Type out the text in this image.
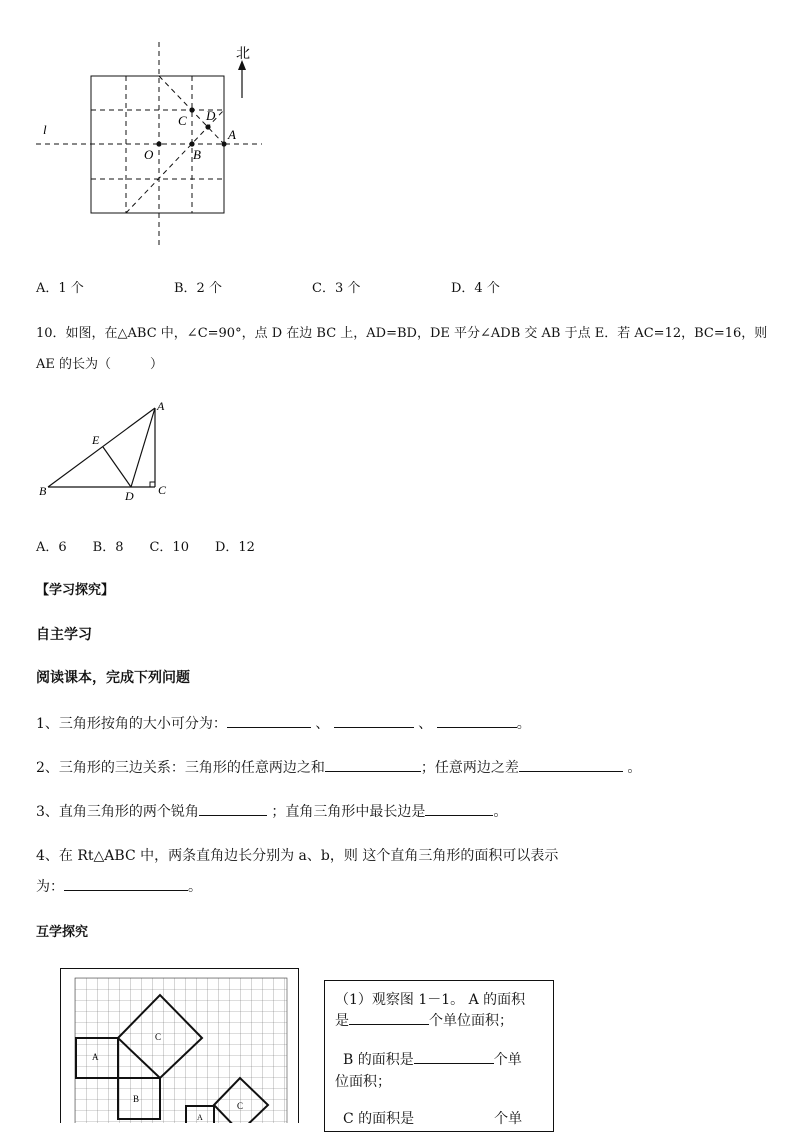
北
l
O	B
C D
A
A．1 个	B．2 个	C．3 个	D．4 个
10．如图，在△ABC 中，∠C=90°，点 D 在边 BC 上，AD=BD，DE 平分∠ADB 交 AB 于点 E．若 AC=12，BC=16，则
AE 的长为（　　　）
A
E
B	D C
A．6　　B．8　　C．10　　D．12
【学习探究】
自主学习
阅读课本，完成下列问题
1、三角形按角的大小可分为：	、	、	。
2、三角形的三边关系：三角形的任意两边之和	；任意两边之差	。
3、直角三角形的两个锐角	；直角三角形中最长边是	。
4、在 Rt△ABC 中，两条直角边长分别为 a、b，则 这个直角三角形的面积可以表示
为：	。
互学探究
A
B
C
C
A
（1）观察图 1－1。 A 的面积
是	个单位面积；
B 的面积是	个单
位面积；
C 的面积是	个单
